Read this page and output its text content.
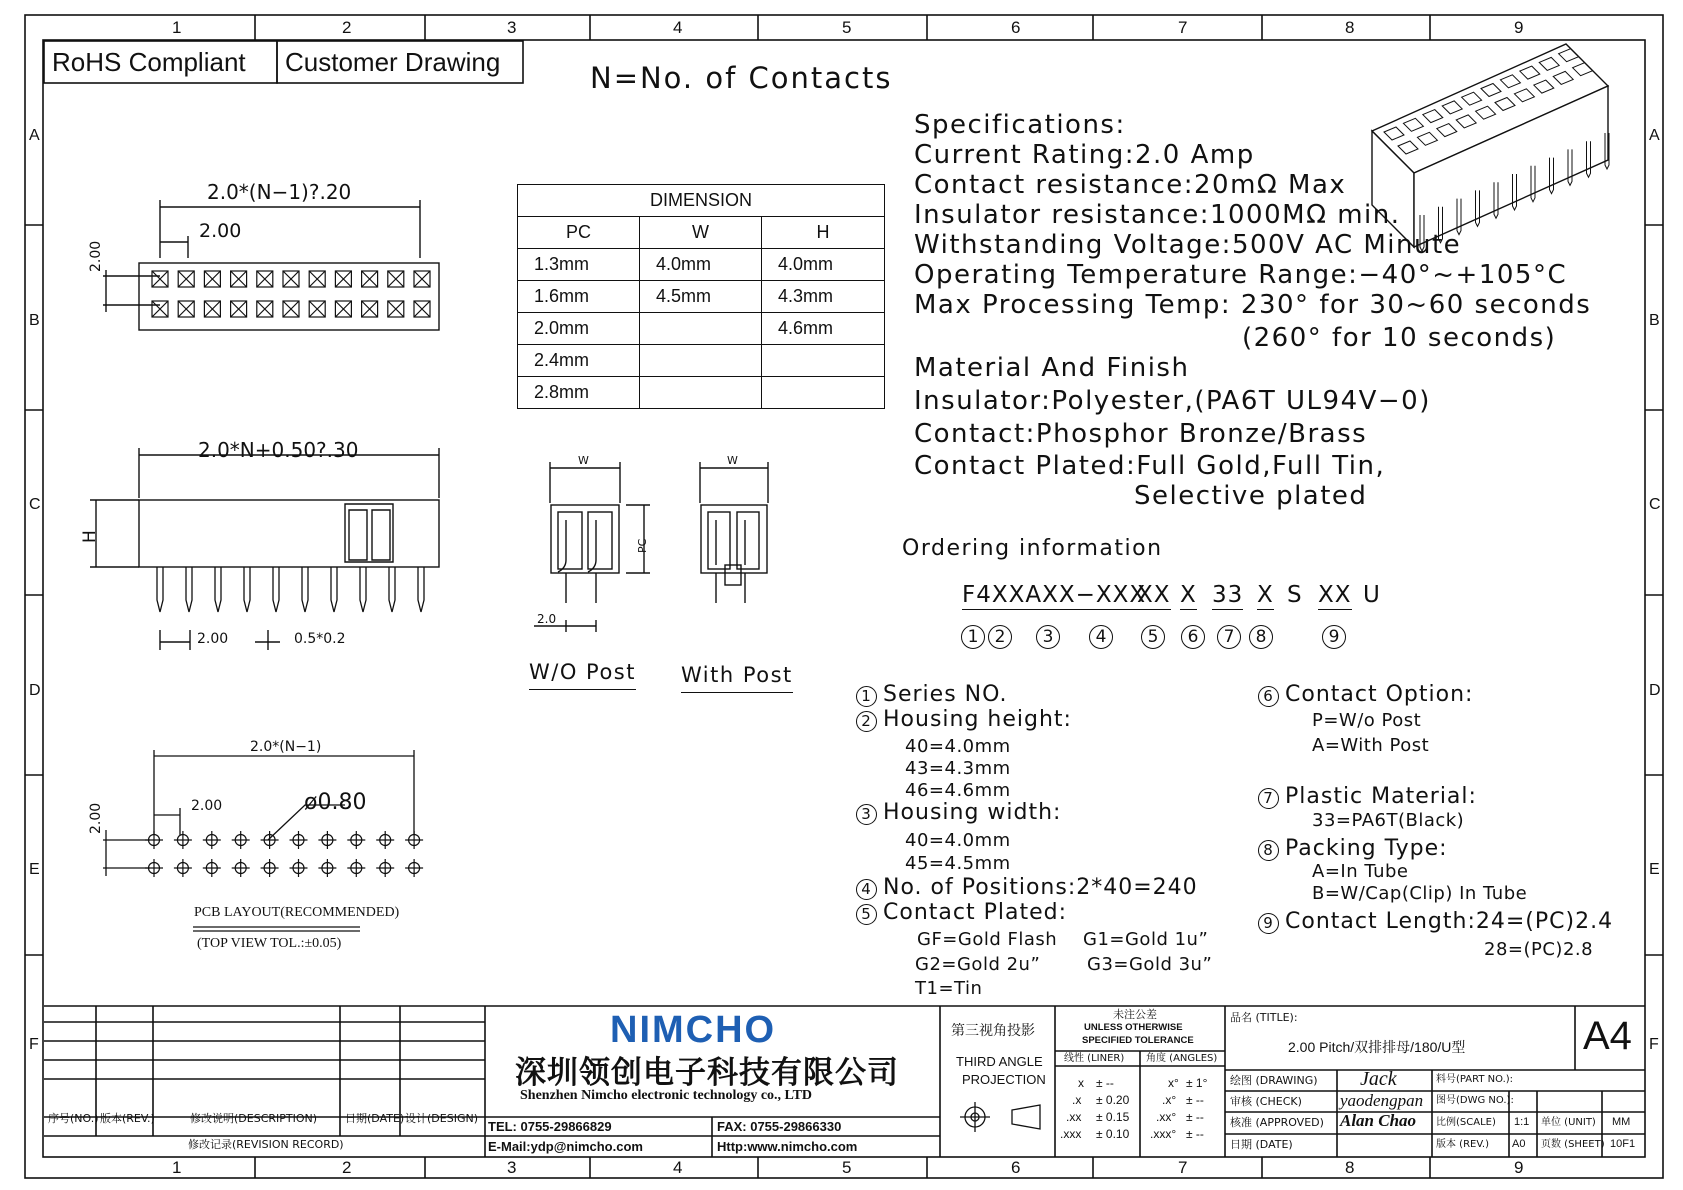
1	2	3	4	5	6	7	8	9
1	2	3	4	5	6	7	8	9
A	A
B	B
C	C
D	D
E	E
F	F
RoHS Compliant Customer Drawing	N=No. of Contacts
Specifications:
Current Rating:2.0 Amp
Contact resistance:20mΩ Max
Insulator resistance:1000MΩ min.
Withstanding Voltage:500V AC Minute
Operating Temperature Range:−40°~+105°C
Max Processing Temp: 230° for 30~60 seconds
(260° for 10 seconds)
Material And Finish
Insulator:Polyester,(PA6T UL94V−0)
Contact:Phosphor Bronze/Brass
Contact Plated:Full Gold,Full Tin,
Selective plated
DIMENSION		
PC	W	H
1.3mm	4.0mm	4.0mm
1.6mm	4.5mm	4.3mm
2.0mm		4.6mm
2.4mm		
2.8mm		
2.0*(N−1)?.20
2.00
2.00
2.0*N+0.50?.30
H
2.00	0.5*0.2
W	W
PC
2.0
W/O Post With Post
2.0*(N−1)
2.00
2.00
ø0.80
PCB LAYOUT(RECOMMENDED)
(TOP VIEW TOL.:±0.05)
Ordering information
F4XXAXX−XXX
XX X 33 X S XX U
1 2	3	4	5	6	7	8	9
1 Series NO.
2 Housing height:
40=4.0mm
43=4.3mm
46=4.6mm
3 Housing width:
40=4.0mm
45=4.5mm
4 No. of Positions:2*40=240
5 Contact Plated:
GF=Gold Flash G1=Gold 1u”
G2=Gold 2u”	G3=Gold 3u”
T1=Tin
6 Contact Option:
P=W/o Post
A=With Post
7 Plastic Material:
33=PA6T(Black)
8 Packing Type:
A=In Tube
B=W/Cap(Clip) In Tube
9 Contact Length:24=(PC)2.4
28=(PC)2.8
序号(NO.) 版本(REV.)	修改说明(DESCRIPTION)	日期(DATE) 设计(DESIGN)
修改记录(REVISION RECORD)
NIMCHO
深圳领创电子科技有限公司
Shenzhen Nimcho electronic technology co., LTD
TEL: 0755-29866829	FAX: 0755-29866330
E-Mail:ydp@nimcho.com	Http:www.nimcho.com
第三视角投影
THIRD ANGLE
PROJECTION
未注公差
UNLESS OTHERWISE
SPECIFIED TOLERANCE
线性 (LINER) 角度 (ANGLES)
x ± --	x° ± 1°
.x ± 0.20	.x° ± --
.xx ± 0.15 .xx° ± --
.xxx ± 0.10 .xxx° ± --
品名 (TITLE):
2.00 Pitch/双排排母/180/U型	A4
绘图 (DRAWING) Jack
审核 (CHECK) yaodengpan
核准 (APPROVED) Alan Chao
日期 (DATE)
料号(PART NO.):
图号(DWG NO.):
比例(SCALE) 1:1 单位 (UNIT) MM
版本 (REV.) A0 页数 (SHEET) 10F1
